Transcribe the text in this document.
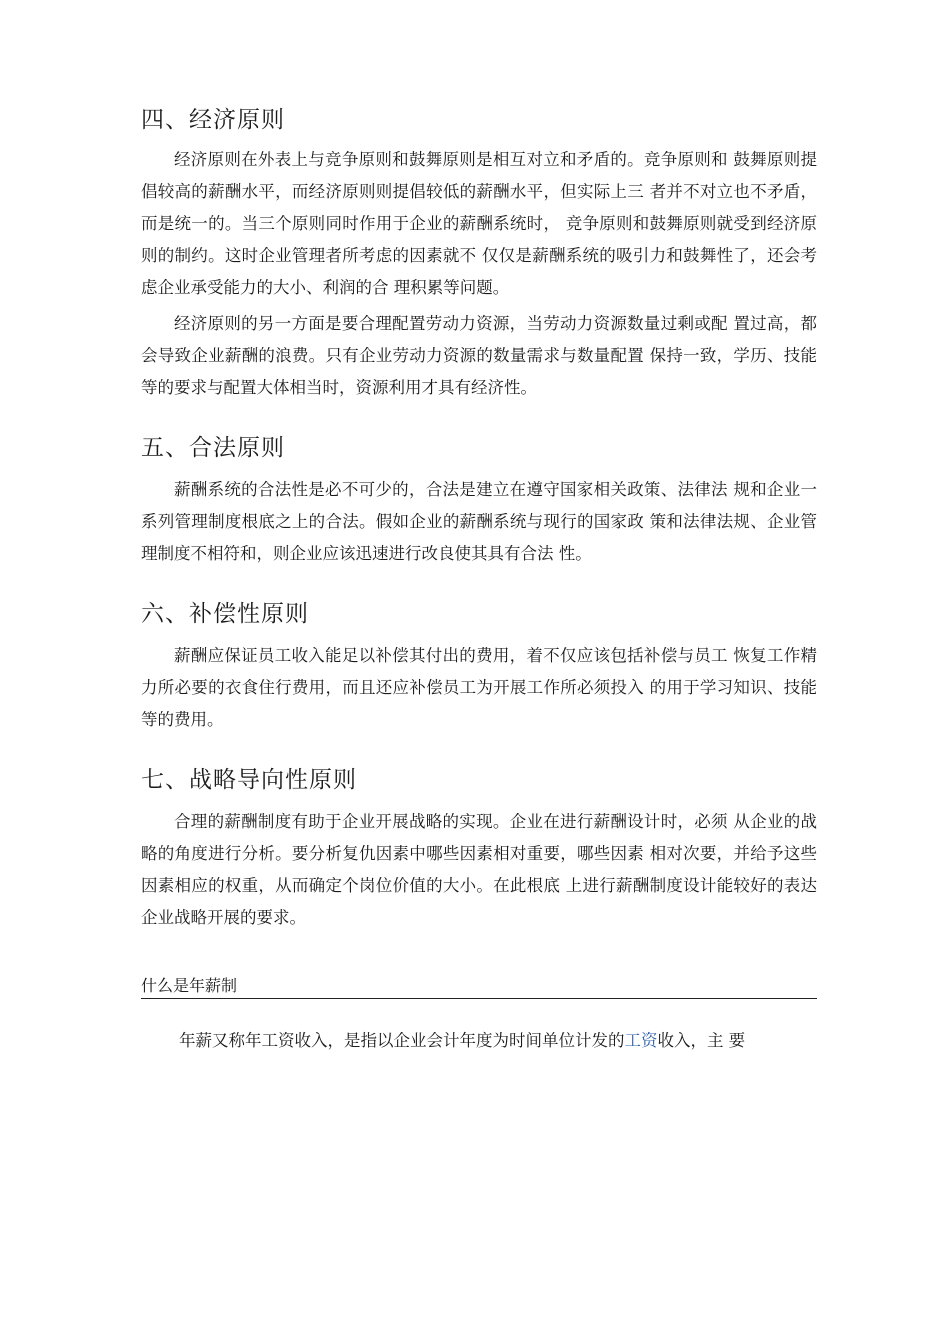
四、经济原则

经济原则在外表上与竞争原则和鼓舞原则是相互对立和矛盾的。竞争原则和 鼓舞原则提倡较高的薪酬水平，而经济原则则提倡较低的薪酬水平，但实际上三 者并不对立也不矛盾，而是统一的。当三个原则同时作用于企业的薪酬系统时， 竞争原则和鼓舞原则就受到经济原则的制约。这时企业管理者所考虑的因素就不 仅仅是薪酬系统的吸引力和鼓舞性了，还会考虑企业承受能力的大小、利润的合 理积累等问题。

经济原则的另一方面是要合理配置劳动力资源，当劳动力资源数量过剩或配 置过高，都会导致企业薪酬的浪费。只有企业劳动力资源的数量需求与数量配置 保持一致，学历、技能等的要求与配置大体相当时，资源利用才具有经济性。

五、合法原则

薪酬系统的合法性是必不可少的，合法是建立在遵守国家相关政策、法律法 规和企业一系列管理制度根底之上的合法。假如企业的薪酬系统与现行的国家政 策和法律法规、企业管理制度不相符和，则企业应该迅速进行改良使其具有合法 性。

六、补偿性原则

薪酬应保证员工收入能足以补偿其付出的费用，着不仅应该包括补偿与员工 恢复工作精力所必要的衣食住行费用，而且还应补偿员工为开展工作所必须投入 的用于学习知识、技能等的费用。

七、战略导向性原则

合理的薪酬制度有助于企业开展战略的实现。企业在进行薪酬设计时，必须 从企业的战略的角度进行分析。要分析复仇因素中哪些因素相对重要，哪些因素 相对次要，并给予这些因素相应的权重，从而确定个岗位价值的大小。在此根底 上进行薪酬制度设计能较好的表达企业战略开展的要求。

什么是年薪制

年薪又称年工资收入，是指以企业会计年度为时间单位计发的工资收入，主 要
